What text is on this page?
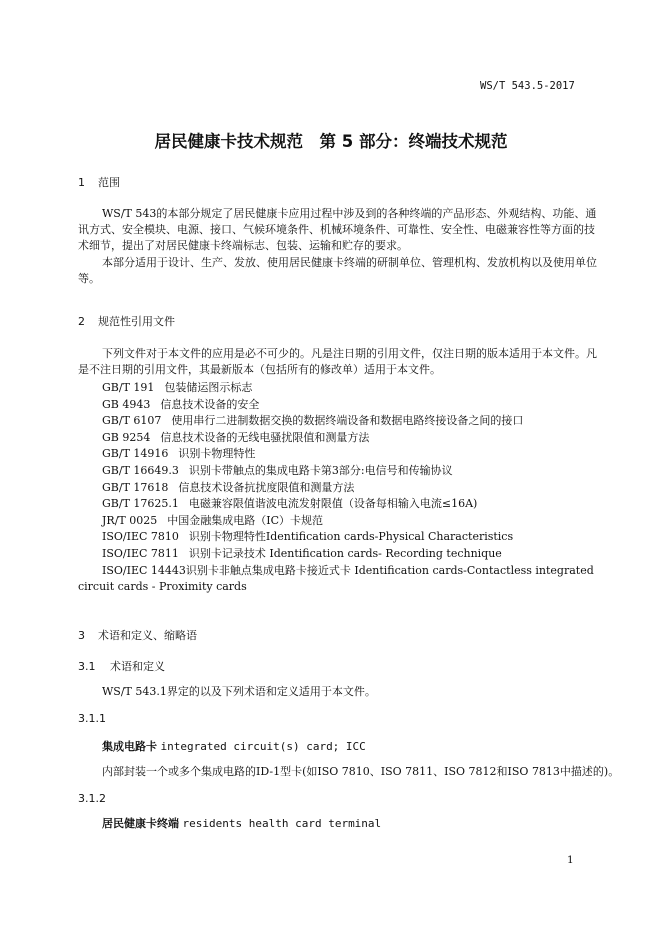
WS/T 543.5-2017
居民健康卡技术规范　第 5 部分：终端技术规范
1 范围

WS/T 543的本部分规定了居民健康卡应用过程中涉及到的各种终端的产品形态、外观结构、功能、通讯方式、安全模块、电源、接口、气候环境条件、机械环境条件、可靠性、安全性、电磁兼容性等方面的技术细节，提出了对居民健康卡终端标志、包装、运输和贮存的要求。

本部分适用于设计、生产、发放、使用居民健康卡终端的研制单位、管理机构、发放机构以及使用单位等。

2 规范性引用文件

下列文件对于本文件的应用是必不可少的。凡是注日期的引用文件，仅注日期的版本适用于本文件。凡是不注日期的引用文件，其最新版本（包括所有的修改单）适用于本文件。

GB/T 191 包装储运图示标志
GB 4943 信息技术设备的安全
GB/T 6107 使用串行二进制数据交换的数据终端设备和数据电路终接设备之间的接口
GB 9254 信息技术设备的无线电骚扰限值和测量方法
GB/T 14916 识别卡物理特性
GB/T 16649.3 识别卡带触点的集成电路卡第3部分:电信号和传输协议
GB/T 17618 信息技术设备抗扰度限值和测量方法
GB/T 17625.1 电磁兼容限值谐波电流发射限值（设备每相输入电流≤16A)
JR/T 0025 中国金融集成电路（IC）卡规范
ISO/IEC 7810 识别卡物理特性Identification cards-Physical Characteristics
ISO/IEC 7811 识别卡记录技术 Identification cards- Recording technique
ISO/IEC 14443识别卡非触点集成电路卡接近式卡 Identification cards-Contactless integrated circuit cards - Proximity cards
3 术语和定义、缩略语
3.1 术语和定义
WS/T 543.1界定的以及下列术语和定义适用于本文件。
3.1.1
集成电路卡 integrated circuit(s) card; ICC
内部封装一个或多个集成电路的ID-1型卡(如ISO 7810、ISO 7811、ISO 7812和ISO 7813中描述的)。
3.1.2
居民健康卡终端 residents health card terminal
1
